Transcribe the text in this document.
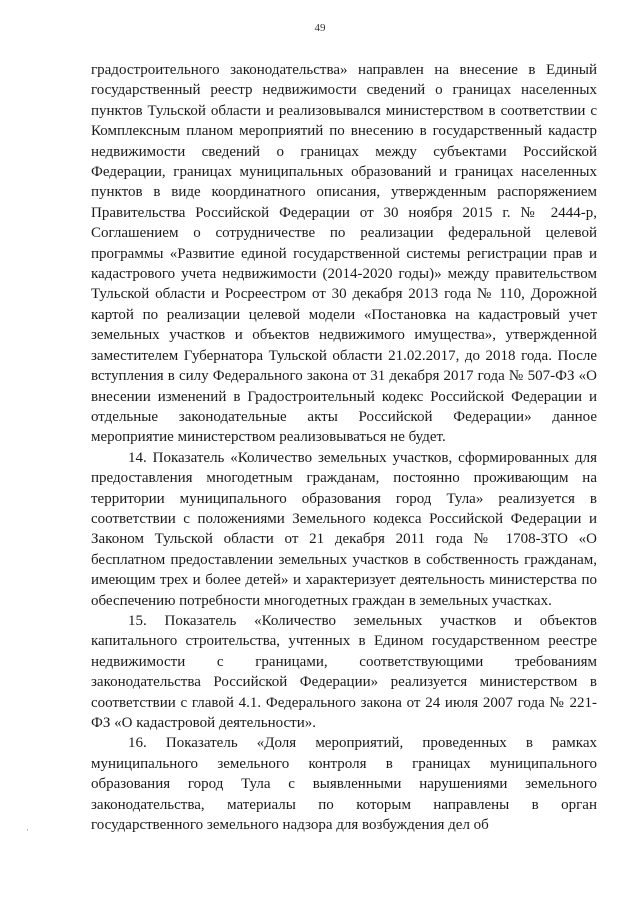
49

градостроительного законодательства» направлен на внесение в Единый государственный реестр недвижимости сведений о границах населенных пунктов Тульской области и реализовывался министерством в соответствии с Комплексным планом мероприятий по внесению в государственный кадастр недвижимости сведений о границах между субъектами Российской Федерации, границах муниципальных образований и границах населенных пунктов в виде координатного описания, утвержденным распоряжением Правительства Российской Федерации от 30 ноября 2015 г. № 2444-р, Соглашением о сотрудничестве по реализации федеральной целевой программы «Развитие единой государственной системы регистрации прав и кадастрового учета недвижимости (2014-2020 годы)» между правительством Тульской области и Росреестром от 30 декабря 2013 года № 110, Дорожной картой по реализации целевой модели «Постановка на кадастровый учет земельных участков и объектов недвижимого имущества», утвержденной заместителем Губернатора Тульской области 21.02.2017, до 2018 года. После вступления в силу Федерального закона от 31 декабря 2017 года № 507-ФЗ «О внесении изменений в Градостроительный кодекс Российской Федерации и отдельные законодательные акты Российской Федерации» данное мероприятие министерством реализовываться не будет.

14. Показатель «Количество земельных участков, сформированных для предоставления многодетным гражданам, постоянно проживающим на территории муниципального образования город Тула» реализуется в соответствии с положениями Земельного кодекса Российской Федерации и Законом Тульской области от 21 декабря 2011 года № 1708-ЗТО «О бесплатном предоставлении земельных участков в собственность гражданам, имеющим трех и более детей» и характеризует деятельность министерства по обеспечению потребности многодетных граждан в земельных участках.

15. Показатель «Количество земельных участков и объектов капитального строительства, учтенных в Едином государственном реестре недвижимости с границами, соответствующими требованиям законодательства Российской Федерации» реализуется министерством в соответствии с главой 4.1. Федерального закона от 24 июля 2007 года № 221-ФЗ «О кадастровой деятельности».

16. Показатель «Доля мероприятий, проведенных в рамках муниципального земельного контроля в границах муниципального образования город Тула с выявленными нарушениями земельного законодательства, материалы по которым направлены в орган государственного земельного надзора для возбуждения дел об

·
